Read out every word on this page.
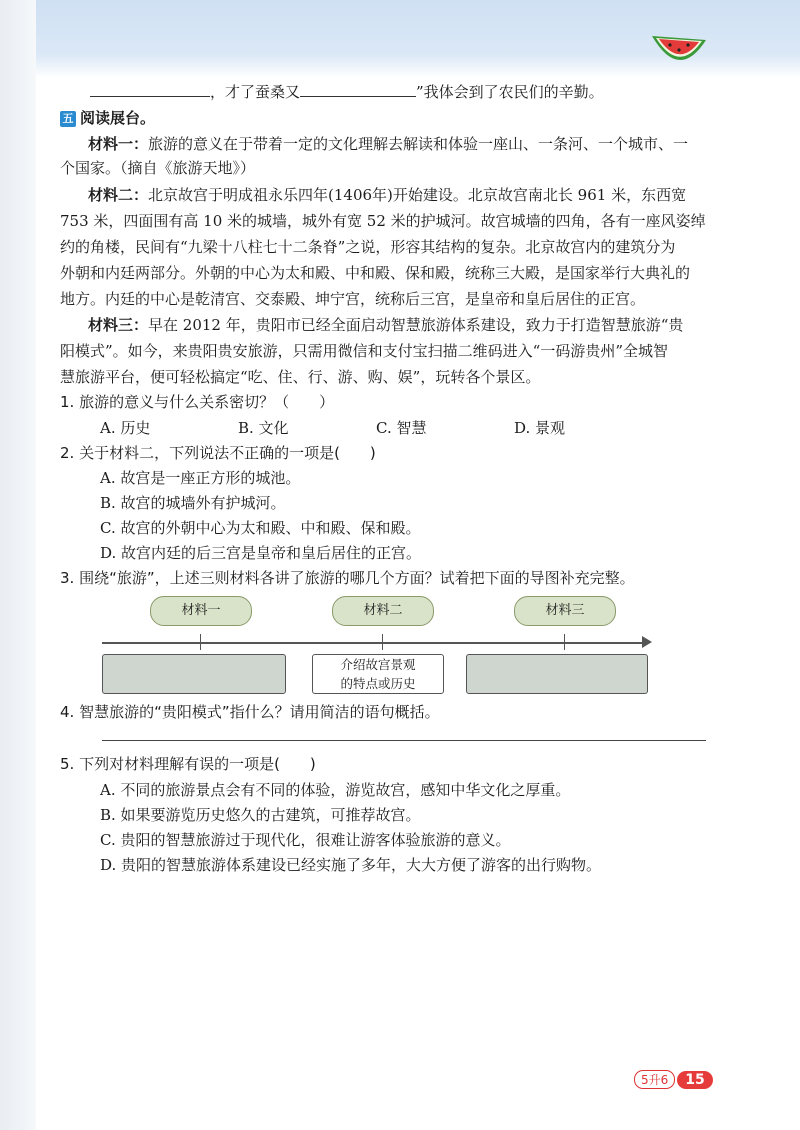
，才了蚕桑又	”我体会到了农民们的辛勤。
五 阅读展台。
材料一：旅游的意义在于带着一定的文化理解去解读和体验一座山、一条河、一个城市、一
个国家。（摘自《旅游天地》）
材料二：北京故宫于明成祖永乐四年(1406年)开始建设。北京故宫南北长 961 米，东西宽
753 米，四面围有高 10 米的城墙，城外有宽 52 米的护城河。故宫城墙的四角，各有一座风姿绰
约的角楼，民间有“九梁十八柱七十二条脊”之说，形容其结构的复杂。北京故宫内的建筑分为
外朝和内廷两部分。外朝的中心为太和殿、中和殿、保和殿，统称三大殿，是国家举行大典礼的
地方。内廷的中心是乾清宫、交泰殿、坤宁宫，统称后三宫，是皇帝和皇后居住的正宫。
材料三：早在 2012 年，贵阳市已经全面启动智慧旅游体系建设，致力于打造智慧旅游“贵
阳模式”。如今，来贵阳贵安旅游，只需用微信和支付宝扫描二维码进入“一码游贵州”全城智
慧旅游平台，便可轻松搞定“吃、住、行、游、购、娱”，玩转各个景区。
1. 旅游的意义与什么关系密切？（　　）
A. 历史	B. 文化	C. 智慧	D. 景观
2. 关于材料二，下列说法不正确的一项是(　　)
A. 故宫是一座正方形的城池。
B. 故宫的城墙外有护城河。
C. 故宫的外朝中心为太和殿、中和殿、保和殿。
D. 故宫内廷的后三宫是皇帝和皇后居住的正宫。
3. 围绕“旅游”，上述三则材料各讲了旅游的哪几个方面？试着把下面的导图补充完整。
材料一	材料二	材料三
介绍故宫景观
的特点或历史
4. 智慧旅游的“贵阳模式”指什么？请用简洁的语句概括。
5. 下列对材料理解有误的一项是(　　)
A. 不同的旅游景点会有不同的体验，游览故宫，感知中华文化之厚重。
B. 如果要游览历史悠久的古建筑，可推荐故宫。
C. 贵阳的智慧旅游过于现代化，很难让游客体验旅游的意义。
D. 贵阳的智慧旅游体系建设已经实施了多年，大大方便了游客的出行购物。
5升6 15
